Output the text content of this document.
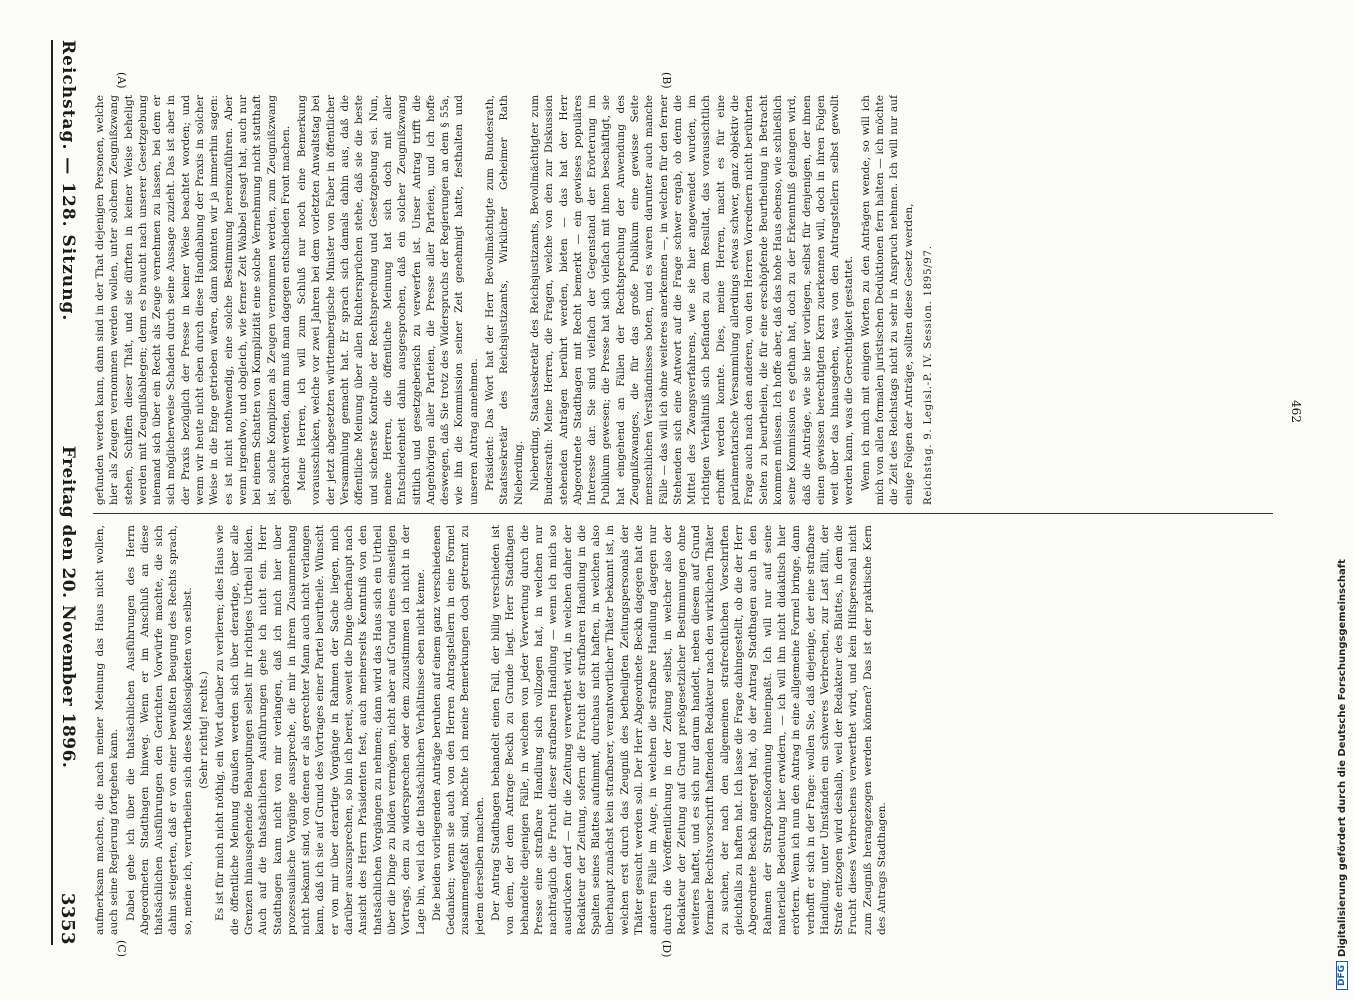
DFG
Digitalisierung gefördert durch die Deutsche Forschungsgemeinschaft
462
Reichstag. — 128. Sitzung.
Freitag den 20. November 1896.
3353
(A)	(B)
(C)	(D)

gefunden werden kann, dann sind in der That diejenigen Personen, welche hier als Zeugen vernommen werden wollen, unter solchem Zeugnißzwang stehen, Schiffen dieser Thät, und sie dürften in keiner Weise beheligt werden mit Zeugnißablegen; denn es braucht nach unserer Gesetzgebung niemand sich über ein Recht als Zeuge vernehmen zu lassen, bei dem er sich möglicherweise Schaden durch seine Aussage zuzieht. Das ist aber in der Praxis bezüglich der Presse in keiner Weise beachtet worden; und wenn wir heute nicht eben durch diese Handhabung der Praxis in solcher Weise in die Enge getrieben wären, dann könnten wir ja immerhin sagen: es ist nicht nothwendig, eine solche Bestimmung hereinzuführen. Aber wenn irgendwo, und obgleich, wie ferner Zeit Wabbel gesagt hat, auch nur bei einem Schatten von Komplizität eine solche Vernehmung nicht statthaft ist, solche Komplizen als Zeugen vernommen werden, zum Zeugnißzwang gebracht werden, dann muß man dagegen entschieden Front machen. Meine Herren, ich will zum Schluß nur noch eine Bemerkung vorausschicken, welche vor zwei Jahren bei dem vorletzten Anwaltstag bei der jetzt abgesetzten württembergische Minister von Faber in öffentlicher Versammlung gemacht hat. Er sprach sich damals dahin aus, daß die öffentliche Meinung über allen Richtersprüchen stehe, daß sie die beste und sicherste Kontrolle der Rechtsprechung und Gesetzgebung sei. Nun, meine Herren, die öffentliche Meinung hat sich doch mit aller Entschiedenheit dahin ausgesprochen, daß ein solcher Zeugnißzwang sittlich und gesetzgeberisch zu verwerfen ist. Unser Antrag trifft die Angehörigen aller Parteien, die Presse aller Parteien, und ich hoffe deswegen, daß Sie trotz des Widerspruchs der Regierungen an dem § 55a, wie ihn die Kommission seiner Zeit genehmigt hatte, festhalten und unseren Antrag annehmen. Präsident: Das Wort hat der Herr Bevollmächtigte zum Bundesrath, Staatssekretär des Reichsjustizamts, Wirklicher Geheimer Rath Nieberding. Nieberding, Staatssekretär des Reichsjustizamts, Bevollmächtigter zum Bundesrath: Meine Herren, die Fragen, welche von den zur Diskussion stehenden Anträgen berührt werden, bieten — das hat der Herr Abgeordnete Stadthagen mit Recht bemerkt — ein gewisses populäres Interesse dar. Sie sind vielfach der Gegenstand der Erörterung im Publikum gewesen; die Presse hat sich vielfach mit ihnen beschäftigt, sie hat eingehend an Fällen der Rechtsprechung der Anwendung des Zeugnißzwanges, die für das große Publikum eine gewisse Seite menschlichen Verständnisses boten, und es waren darunter auch manche Fälle — das will ich ohne weiteres anerkennen —, in welchen für den ferner Stehenden sich eine Antwort auf die Frage schwer ergab, ob denn die Mittel des Zwangsverfahrens, wie sie hier angewendet wurden, im richtigen Verhältniß sich befänden zu dem Resultat, das voraussichtlich erhofft werden konnte. Dies, meine Herren, macht es für eine parlamentarische Versammlung allerdings etwas schwer, ganz objektiv die Frage auch nach den anderen, von den Herren Vorrednern nicht berührten Seiten zu beurtheilen, die für eine erschöpfende Beurtheilung in Betracht kommen müssen. Ich hoffe aber, daß das hohe Haus ebenso, wie schließlich seine Kommission es gethan hat, doch zu der Erkenntniß gelangen wird, daß die Anträge, wie sie hier vorliegen, selbst für denjenigen, der ihnen einen gewissen berechtigten Kern zuerkennen will, doch in ihren Folgen weit über das hinausgehen, was von den Antragstellern selbst gewollt werden kann, was die Gerechtigkeit gestattet. Wenn ich mich mit einigen Worten zu den Anträgen wende, so will ich mich von allen formalen juristischen Deduktionen fern halten — ich möchte die Zeit des Reichstags nicht zu sehr in Anspruch nehmen. Ich will nur auf einige Folgen der Anträge, sollten diese Gesetz werden, Reichstag. 9. Legisl.-P. IV. Session. 1895/97.

aufmerksam machen, die nach meiner Meinung das Haus nicht wollen, auch seine Regierung fortgehen kann. Dabei gehe ich über die thatsächlichen Ausführungen des Herrn Abgeordneten Stadthagen hinweg. Wenn er im Anschluß an diese thatsächlichen Ausführungen den Gerichten Vorwürfe machte, die sich dahin steigerten, daß er von einer bewußten Beugung des Rechts sprach, so, meine ich, verurtheilen sich diese Maßlosigkeiten von selbst. (Sehr richtig! rechts.) Es ist für mich nicht nöthig, ein Wort darüber zu verlieren; dies Haus wie die öffentliche Meinung draußen werden sich über derartige, über alle Grenzen hinausgehende Behauptungen selbst ihr richtiges Urtheil bilden. Auch auf die thatsächlichen Ausführungen gehe ich nicht ein. Herr Stadthagen kann nicht von mir verlangen, daß ich mich hier über prozessualische Vorgänge ausspreche, die mir in ihrem Zusammenhang nicht bekannt sind, von denen er als gerechter Mann auch nicht verlangen kann, daß ich sie auf Grund des Vortrages einer Partei beurtheile. Wünscht er von mir über derartige Vorgänge in Rahmen der Sache liegen, mich darüber auszusprechen, so bin ich bereit, soweit die Dinge überhaupt nach Ansicht des Herrn Präsidenten fest, auch meinerseits Kenntniß von den thatsächlichen Vorgängen zu nehmen; dann wird das Haus sich ein Urtheil über die Dinge zu bilden vermögen, nicht aber auf Grund eines einseitigen Vortrags, dem zu widersprechen oder dem zuzustimmen ich nicht in der Lage bin, weil ich die thatsächlichen Verhältnisse eben nicht kenne. Die beiden vorliegenden Anträge beruhen auf einem ganz verschiedenen Gedanken; wenn sie auch von den Herren Antragstellern in eine Formel zusammengefaßt sind, möchte ich meine Bemerkungen doch getrennt zu jedem derselben machen. Der Antrag Stadthagen behandelt einen Fall, der billig verschieden ist von dem, der dem Antrage Beckh zu Grunde liegt. Herr Stadthagen behandelte diejenigen Fälle, in welchen von jeder Verwertung durch die Presse eine strafbare Handlung sich vollzogen hat, in welchen nur nachträglich die Frucht dieser strafbaren Handlung — wenn ich mich so ausdrücken darf — für die Zeitung verwerthet wird, in welchen daher der Redakteur der Zeitung, sofern die Frucht der strafbaren Handlung in die Spalten seines Blattes aufnimmt, durchaus nicht haften, in welchen also überhaupt zunächst kein strafbarer, verantwortlicher Thäter bekannt ist, in welchen erst durch das Zeugniß des betheiligten Zeitungspersonals der Thäter gesucht werden soll. Der Herr Abgeordnete Beckh dagegen hat die anderen Fälle im Auge, in welchen die strafbare Handlung dagegen nur durch die Veröffentlichung in der Zeitung selbst, in welcher also der Redakteur der Zeitung auf Grund preßgesetzlicher Bestimmungen ohne weiteres haftet, und es sich nur darum handelt, neben diesem auf Grund formaler Rechtsvorschrift haftenden Redakteur nach den wirklichen Thäter zu suchen, der nach den allgemeinen strafrechtlichen Vorschriften gleichfalls zu haften hat. Ich lasse die Frage dahingestellt, ob die der Herr Abgeordnete Beckh angeregt hat, ob der Antrag Stadthagen auch in den Rahmen der Strafprozeßordnung hineinpaßt. Ich will nur auf seine materielle Bedeutung hier erwidern, — ich will ihn nicht didaktisch hier erörtern. Wenn ich nun den Antrag in eine allgemeine Formel bringe, dann verhofft er sich in der Frage: wollen Sie, daß diejenige, der eine strafbare Handlung, unter Umständen ein schweres Verbrechen, zur Last fällt, der Strafe entzogen wird deshalb, weil der Redakteur des Blattes, in dem die Frucht dieses Verbrechens verwerthet wird, und kein Hilfspersonal nicht zum Zeugniß herangezogen werden können? Das ist der praktische Kern des Antrags Stadthagen.
